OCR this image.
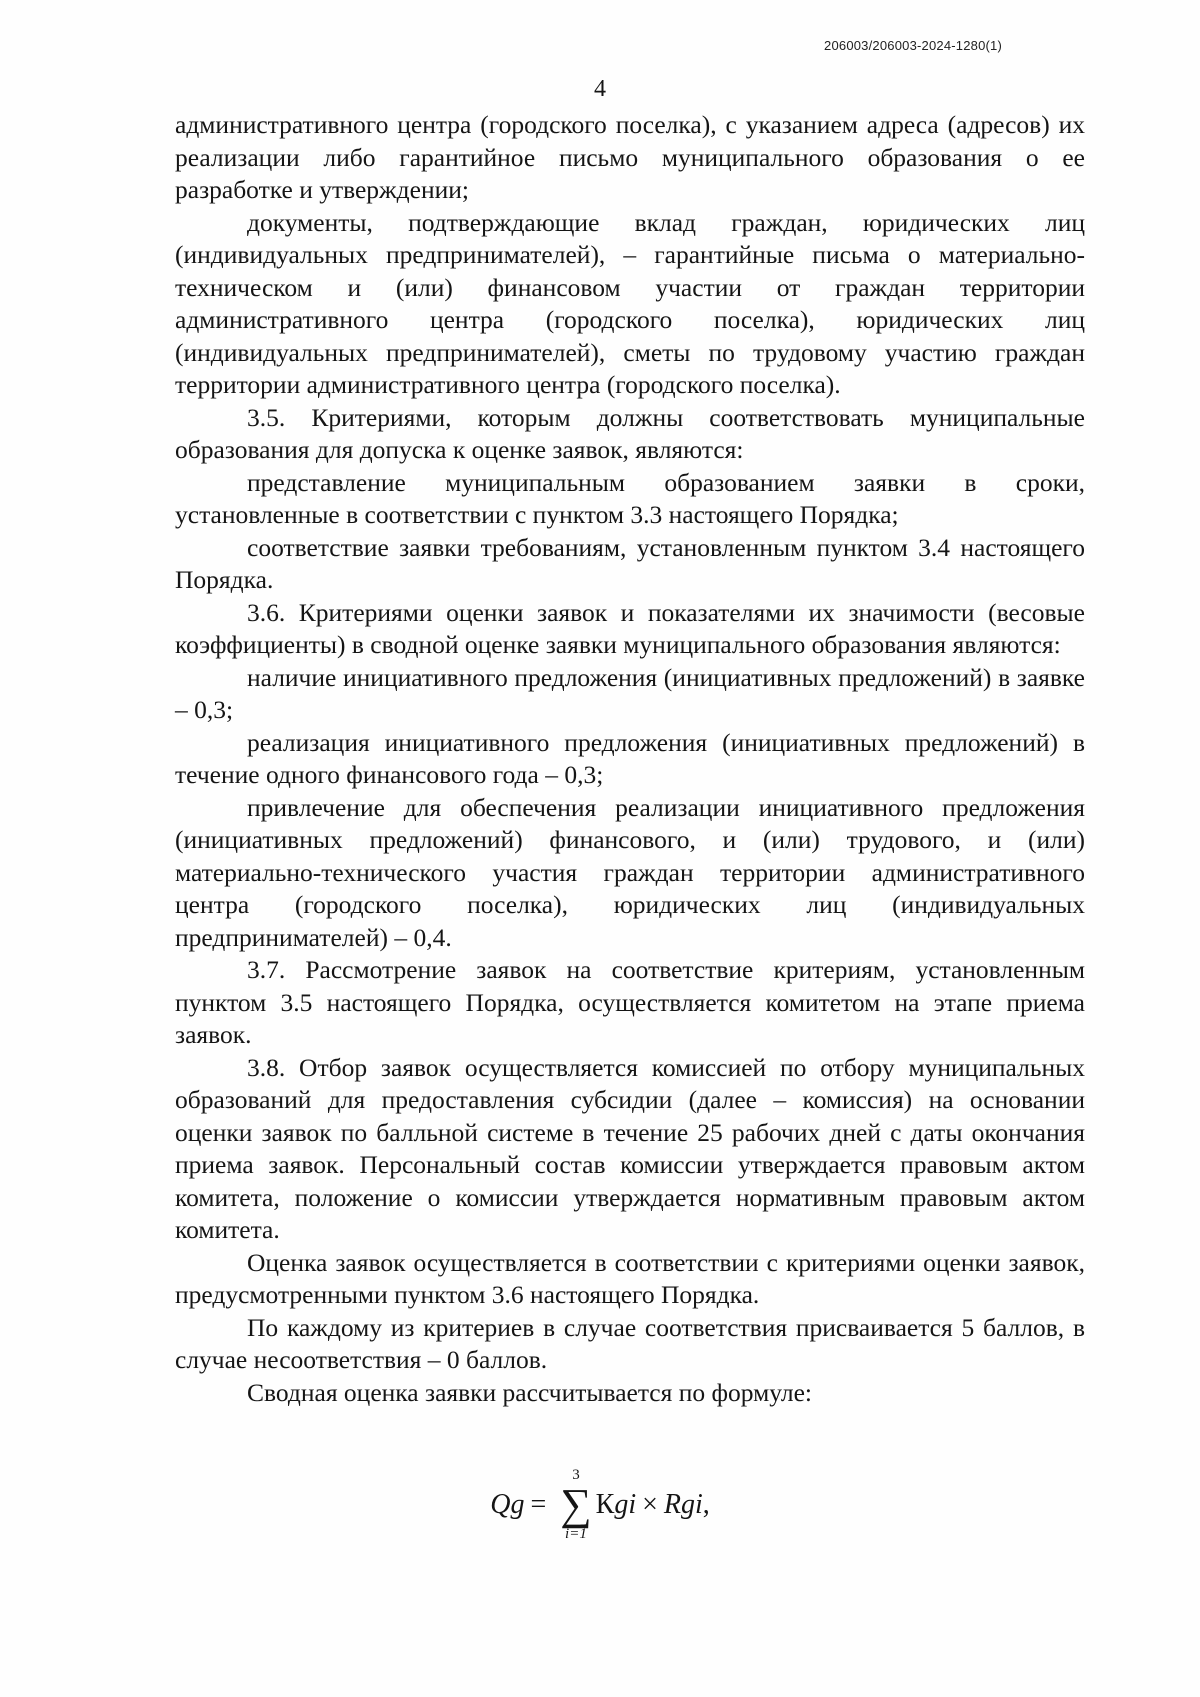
206003/206003-2024-1280(1)
4

административного центра (городского поселка), с указанием адреса (адресов) их реализации либо гарантийное письмо муниципального образования о ее разработке и утверждении;

документы, подтверждающие вклад граждан, юридических лиц (индивидуальных предпринимателей), – гарантийные письма о материально-техническом и (или) финансовом участии от граждан территории административного центра (городского поселка), юридических лиц (индивидуальных предпринимателей), сметы по трудовому участию граждан территории административного центра (городского поселка).

3.5. Критериями, которым должны соответствовать муниципальные образования для допуска к оценке заявок, являются:

представление муниципальным образованием заявки в сроки, установленные в соответствии с пунктом 3.3 настоящего Порядка;

соответствие заявки требованиям, установленным пунктом 3.4 настоящего Порядка.

3.6. Критериями оценки заявок и показателями их значимости (весовые коэффициенты) в сводной оценке заявки муниципального образования являются:

наличие инициативного предложения (инициативных предложений) в заявке – 0,3;

реализация инициативного предложения (инициативных предложений) в течение одного финансового года – 0,3;

привлечение для обеспечения реализации инициативного предложения (инициативных предложений) финансового, и (или) трудового, и (или) материально-технического участия граждан территории административного центра (городского поселка), юридических лиц (индивидуальных предпринимателей) – 0,4.

3.7. Рассмотрение заявок на соответствие критериям, установленным пунктом 3.5 настоящего Порядка, осуществляется комитетом на этапе приема заявок.

3.8. Отбор заявок осуществляется комиссией по отбору муниципальных образований для предоставления субсидии (далее – комиссия) на основании оценки заявок по балльной системе в течение 25 рабочих дней с даты окончания приема заявок. Персональный состав комиссии утверждается правовым актом комитета, положение о комиссии утверждается нормативным правовым актом комитета.

Оценка заявок осуществляется в соответствии с критериями оценки заявок, предусмотренными пунктом 3.6 настоящего Порядка.

По каждому из критериев в случае соответствия присваивается 5 баллов, в случае несоответствия – 0 баллов.

Сводная оценка заявки рассчитывается по формуле:

Qg =
3
∑
i=1
Кgi × Rgi ,
